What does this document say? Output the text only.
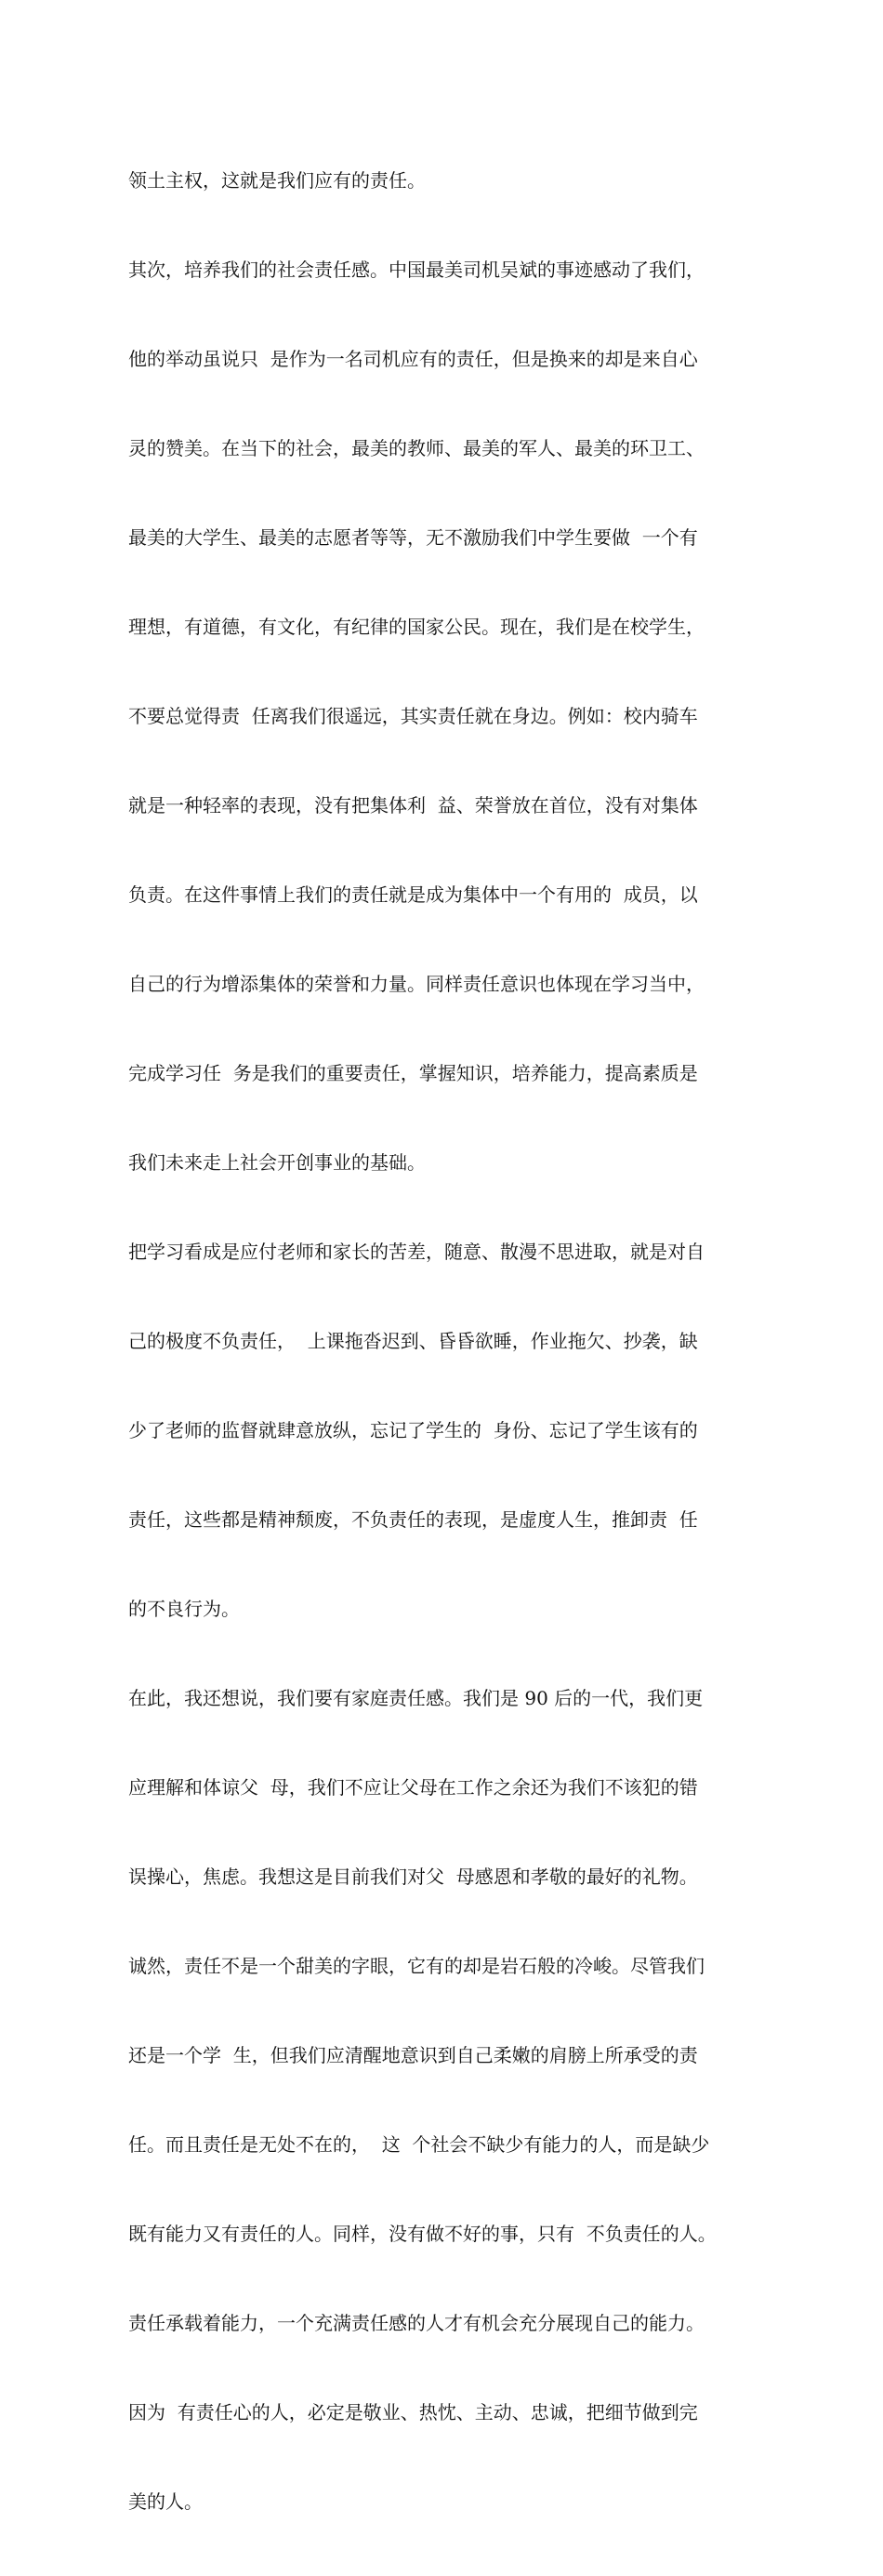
领土主权，这就是我们应有的责任。

其次，培养我们的社会责任感。中国最美司机吴斌的事迹感动了我们，

他的举动虽说只  是作为一名司机应有的责任，但是换来的却是来自心

灵的赞美。在当下的社会，最美的教师、最美的军人、最美的环卫工、

最美的大学生、最美的志愿者等等，无不激励我们中学生要做  一个有

理想，有道德，有文化，有纪律的国家公民。现在，我们是在校学生，

不要总觉得责  任离我们很遥远，其实责任就在身边。例如：校内骑车

就是一种轻率的表现，没有把集体利  益、荣誉放在首位，没有对集体

负责。在这件事情上我们的责任就是成为集体中一个有用的  成员，以

自己的行为增添集体的荣誉和力量。同样责任意识也体现在学习当中，

完成学习任  务是我们的重要责任，掌握知识，培养能力，提高素质是

我们未来走上社会开创事业的基础。

把学习看成是应付老师和家长的苦差，随意、散漫不思进取，就是对自

己的极度不负责任，  上课拖沓迟到、昏昏欲睡，作业拖欠、抄袭，缺

少了老师的监督就肆意放纵，忘记了学生的  身份、忘记了学生该有的

责任，这些都是精神颓废，不负责任的表现，是虚度人生，推卸责  任

的不良行为。

在此，我还想说，我们要有家庭责任感。我们是 90 后的一代，我们更

应理解和体谅父  母，我们不应让父母在工作之余还为我们不该犯的错

误操心，焦虑。我想这是目前我们对父  母感恩和孝敬的最好的礼物。

诚然，责任不是一个甜美的字眼，它有的却是岩石般的冷峻。尽管我们

还是一个学  生，但我们应清醒地意识到自己柔嫩的肩膀上所承受的责

任。而且责任是无处不在的，  这  个社会不缺少有能力的人，而是缺少

既有能力又有责任的人。同样，没有做不好的事，只有  不负责任的人。

责任承载着能力，一个充满责任感的人才有机会充分展现自己的能力。

因为  有责任心的人，必定是敬业、热忱、主动、忠诚，把细节做到完

美的人。
